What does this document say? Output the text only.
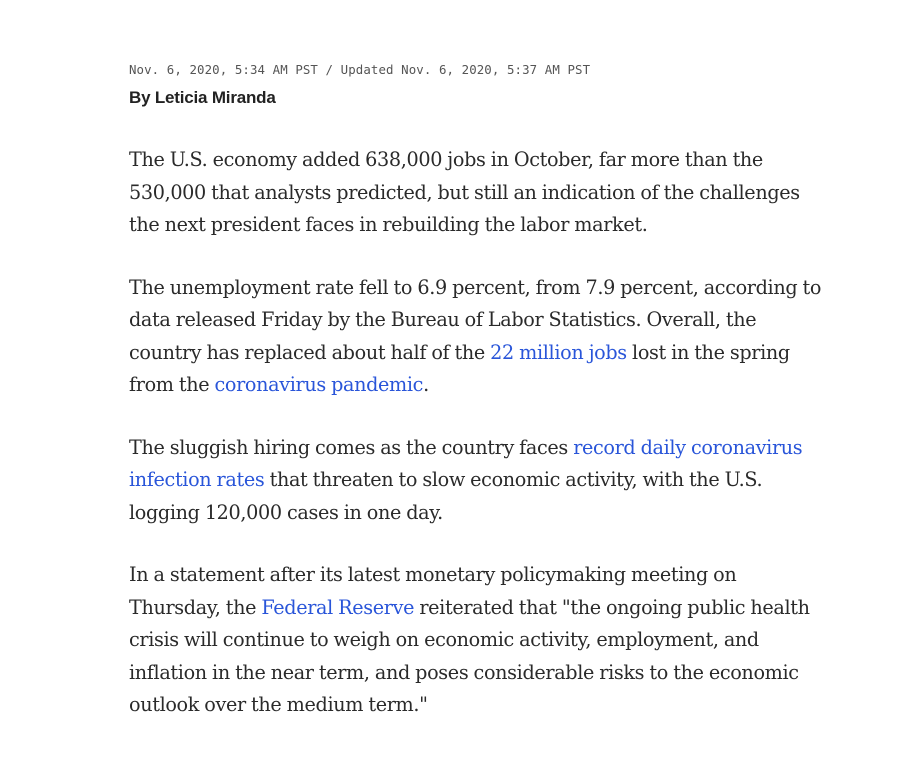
Nov. 6, 2020, 5:34 AM PST / Updated Nov. 6, 2020, 5:37 AM PST

By Leticia Miranda

The U.S. economy added 638,000 jobs in October, far more than the 530,000 that analysts predicted, but still an indication of the challenges the next president faces in rebuilding the labor market.

The unemployment rate fell to 6.9 percent, from 7.9 percent, according to data released Friday by the Bureau of Labor Statistics. Overall, the country has replaced about half of the 22 million jobs lost in the spring from the coronavirus pandemic.

The sluggish hiring comes as the country faces record daily coronavirus infection rates that threaten to slow economic activity, with the U.S. logging 120,000 cases in one day.

In a statement after its latest monetary policymaking meeting on Thursday, the Federal Reserve reiterated that "the ongoing public health crisis will continue to weigh on economic activity, employment, and inflation in the near term, and poses considerable risks to the economic outlook over the medium term."
